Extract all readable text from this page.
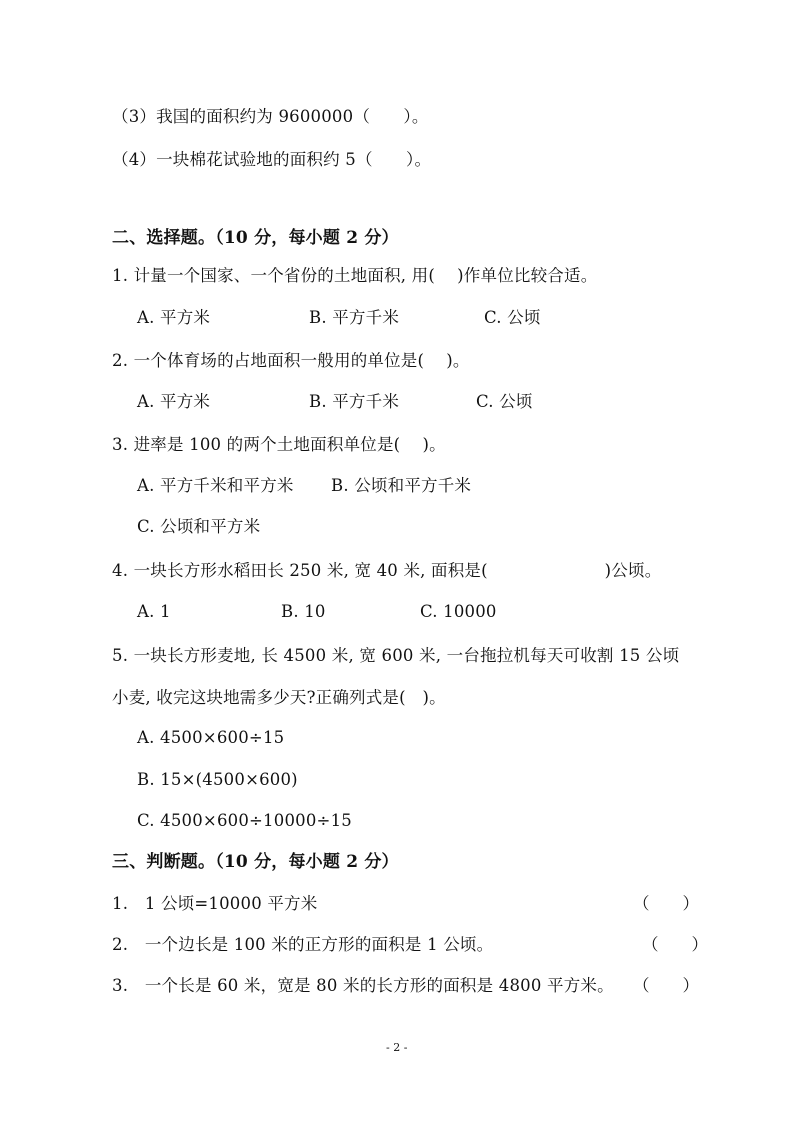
（3）我国的面积约为 9600000（　　）。
（4）一块棉花试验地的面积约 5（　　）。
二、选择题。（10 分，每小题 2 分）
1. 计量一个国家、一个省份的土地面积, 用(　 )作单位比较合适。
A. 平方米	B. 平方千米	C. 公顷
2. 一个体育场的占地面积一般用的单位是(　 )。
A. 平方米	B. 平方千米	C. 公顷
3. 进率是 100 的两个土地面积单位是(　 )。
A. 平方千米和平方米 B. 公顷和平方千米
C. 公顷和平方米
4. 一块长方形水稻田长 250 米, 宽 40 米, 面积是(　　　　　　　)公顷。
A. 1	B. 10	C. 10000
5. 一块长方形麦地, 长 4500 米, 宽 600 米, 一台拖拉机每天可收割 15 公顷
小麦, 收完这块地需多少天?正确列式是(　)。
A. 4500×600÷15
B. 15×(4500×600)
C. 4500×600÷10000÷15
三、判断题。（10 分，每小题 2 分）
1.　1 公顷=10000 平方米	（　　）
2.　一个边长是 100 米的正方形的面积是 1 公顷。	（　　）
3.　一个长是 60 米，宽是 80 米的长方形的面积是 4800 平方米。 （　　）
- 2 -
